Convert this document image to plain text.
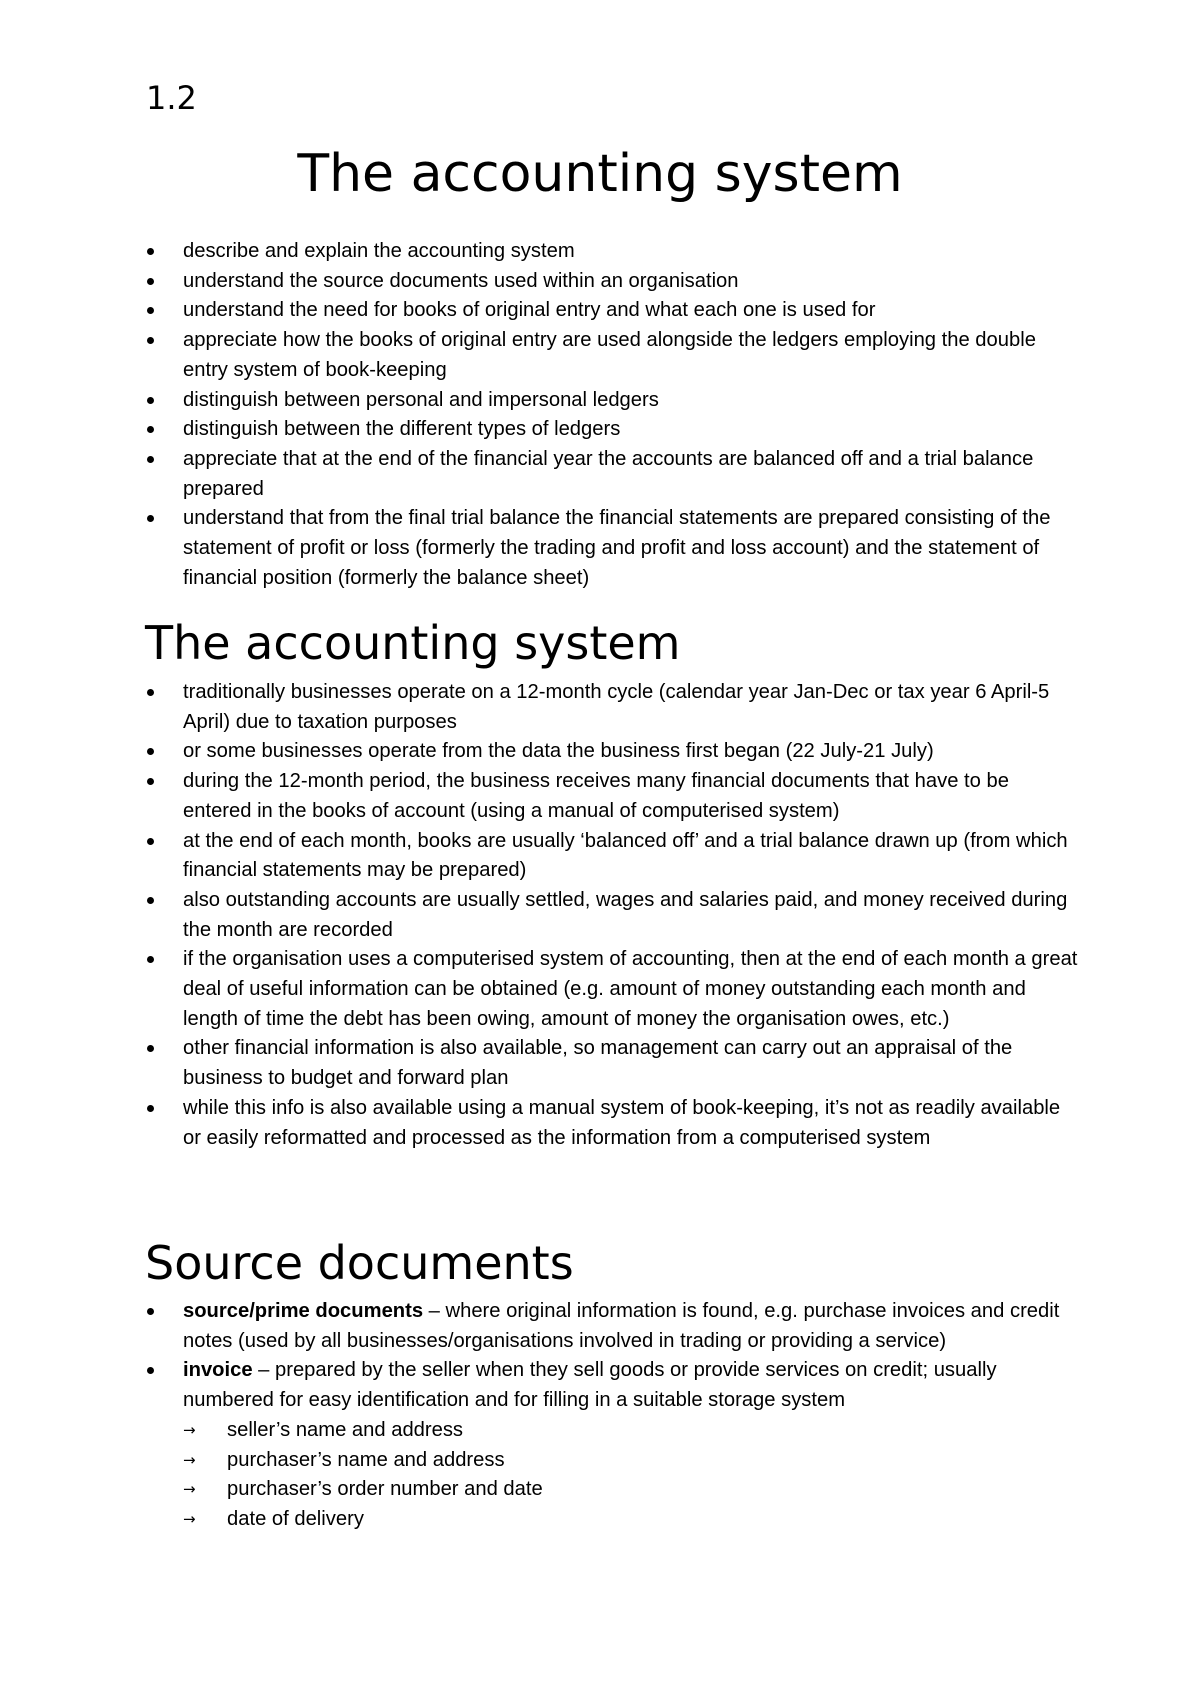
1.2
The accounting system
describe and explain the accounting system
understand the source documents used within an organisation
understand the need for books of original entry and what each one is used for
appreciate how the books of original entry are used alongside the ledgers employing the double entry system of book-keeping
distinguish between personal and impersonal ledgers
distinguish between the different types of ledgers
appreciate that at the end of the financial year the accounts are balanced off and a trial balance prepared
understand that from the final trial balance the financial statements are prepared consisting of the statement of profit or loss (formerly the trading and profit and loss account) and the statement of financial position (formerly the balance sheet)
The accounting system
traditionally businesses operate on a 12-month cycle (calendar year Jan-Dec or tax year 6 April-5 April) due to taxation purposes
or some businesses operate from the data the business first began (22 July-21 July)
during the 12-month period, the business receives many financial documents that have to be entered in the books of account (using a manual of computerised system)
at the end of each month, books are usually ‘balanced off’ and a trial balance drawn up (from which financial statements may be prepared)
also outstanding accounts are usually settled, wages and salaries paid, and money received during the month are recorded
if the organisation uses a computerised system of accounting, then at the end of each month a great deal of useful information can be obtained (e.g. amount of money outstanding each month and length of time the debt has been owing, amount of money the organisation owes, etc.)
other financial information is also available, so management can carry out an appraisal of the business to budget and forward plan
while this info is also available using a manual system of book-keeping, it’s not as readily available or easily reformatted and processed as the information from a computerised system
Source documents
source/prime documents – where original information is found, e.g. purchase invoices and credit notes (used by all businesses/organisations involved in trading or providing a service)
invoice – prepared by the seller when they sell goods or provide services on credit; usually numbered for easy identification and for filling in a suitable storage system
→	seller’s name and address
→	purchaser’s name and address
→	purchaser’s order number and date
→	date of delivery
